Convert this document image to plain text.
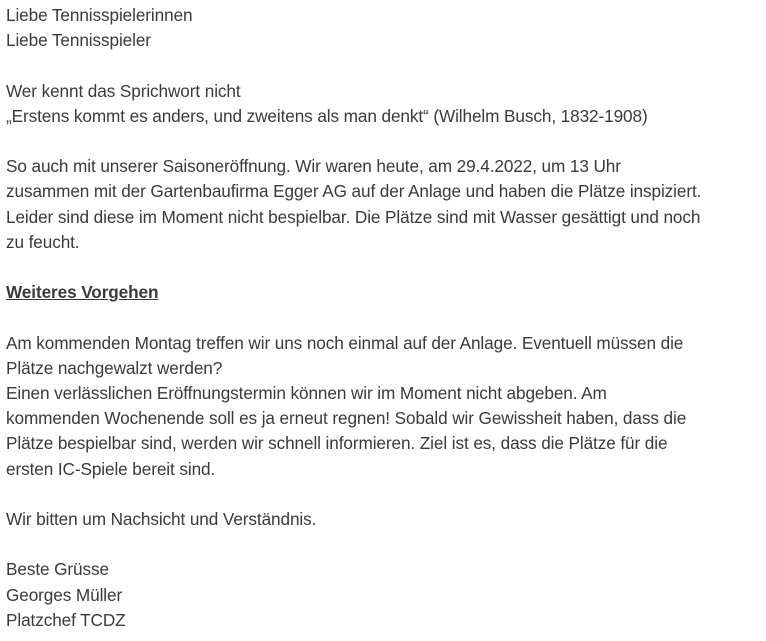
Liebe Tennisspielerinnen
Liebe Tennisspieler
Wer kennt das Sprichwort nicht
„Erstens kommt es anders, und zweitens als man denkt“ (Wilhelm Busch, 1832-1908)
So auch mit unserer Saisoneröffnung. Wir waren heute, am 29.4.2022, um 13 Uhr
zusammen mit der Gartenbaufirma Egger AG auf der Anlage und haben die Plätze inspiziert.
Leider sind diese im Moment nicht bespielbar. Die Plätze sind mit Wasser gesättigt und noch
zu feucht.
Weiteres Vorgehen
Am kommenden Montag treffen wir uns noch einmal auf der Anlage. Eventuell müssen die
Plätze nachgewalzt werden?
Einen verlässlichen Eröffnungstermin können wir im Moment nicht abgeben. Am
kommenden Wochenende soll es ja erneut regnen! Sobald wir Gewissheit haben, dass die
Plätze bespielbar sind, werden wir schnell informieren. Ziel ist es, dass die Plätze für die
ersten IC-Spiele bereit sind.
Wir bitten um Nachsicht und Verständnis.
Beste Grüsse
Georges Müller
Platzchef TCDZ
